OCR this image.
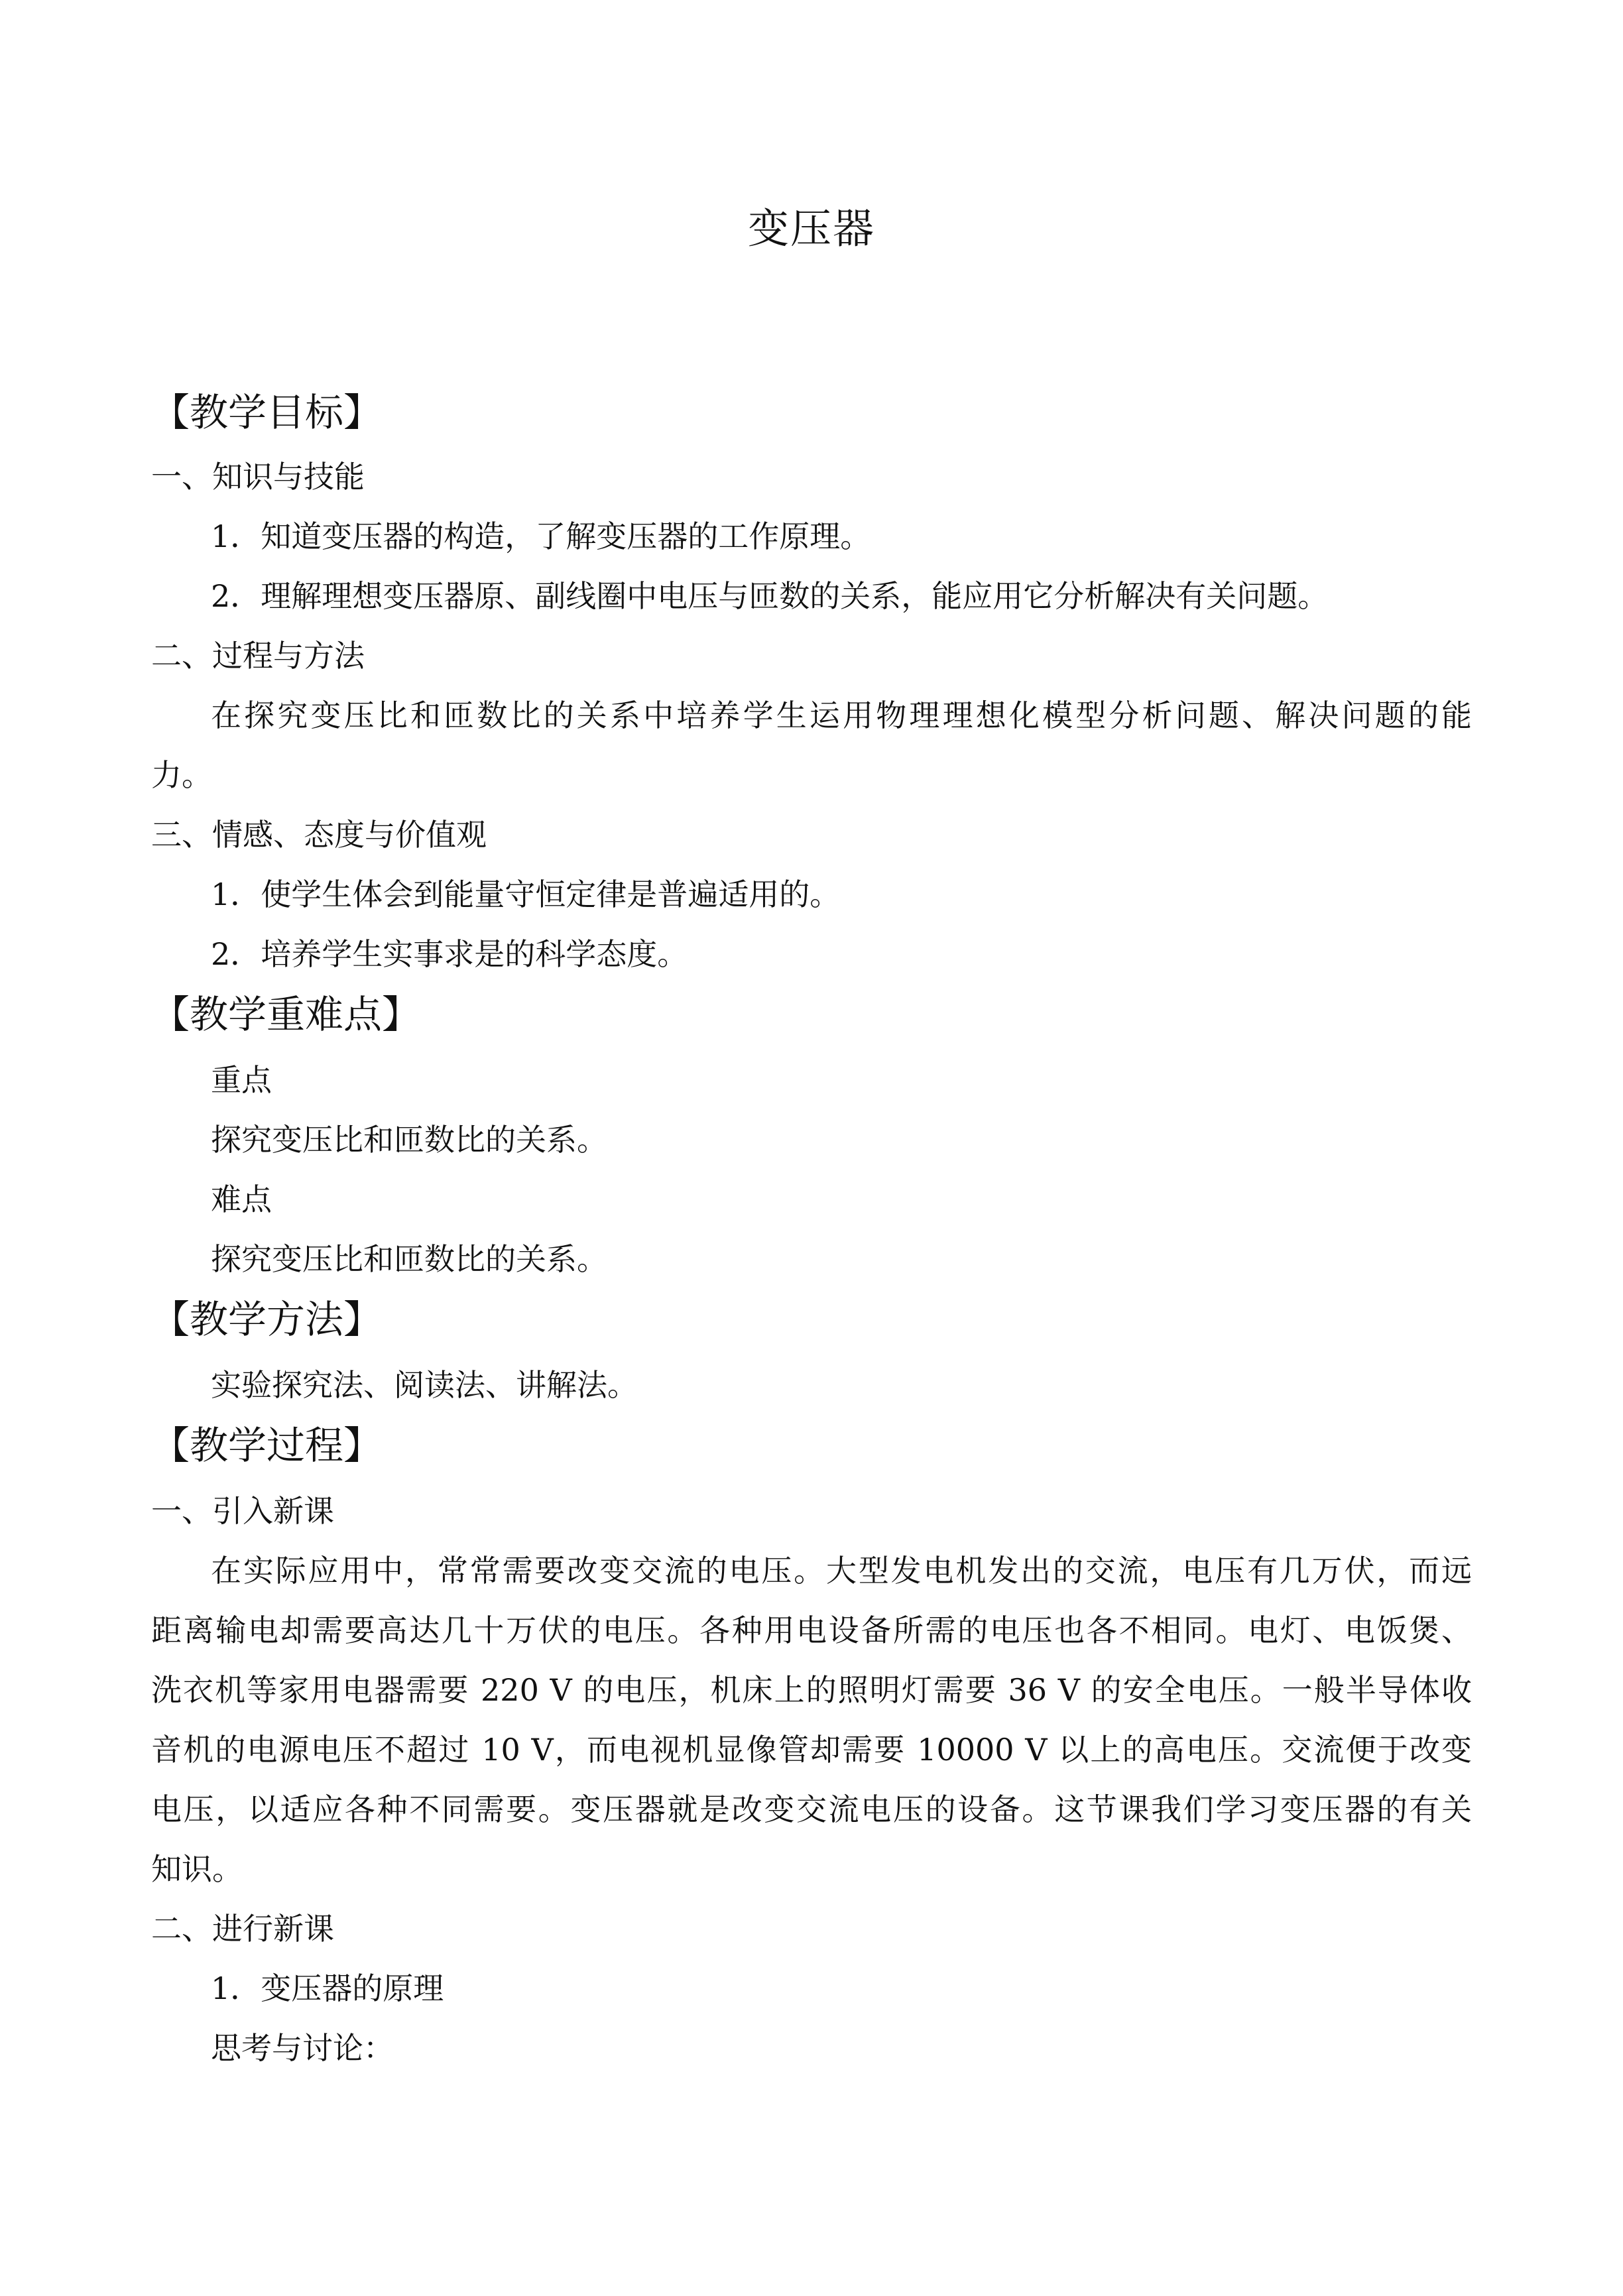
变压器
【教学目标】
一、知识与技能
1．知道变压器的构造，了解变压器的工作原理。
2．理解理想变压器原、副线圈中电压与匝数的关系，能应用它分析解决有关问题。
二、过程与方法
在探究变压比和匝数比的关系中培养学生运用物理理想化模型分析问题、解决问题的能
力。
三、情感、态度与价值观
1．使学生体会到能量守恒定律是普遍适用的。
2．培养学生实事求是的科学态度。
【教学重难点】
重点
探究变压比和匝数比的关系。
难点
探究变压比和匝数比的关系。
【教学方法】
实验探究法、阅读法、讲解法。
【教学过程】
一、引入新课
在实际应用中，常常需要改变交流的电压。大型发电机发出的交流，电压有几万伏，而远
距离输电却需要高达几十万伏的电压。各种用电设备所需的电压也各不相同。电灯、电饭煲、
洗衣机等家用电器需要 220 V 的电压，机床上的照明灯需要 36 V 的安全电压。一般半导体收
音机的电源电压不超过 10 V，而电视机显像管却需要 10000 V 以上的高电压。交流便于改变
电压，以适应各种不同需要。变压器就是改变交流电压的设备。这节课我们学习变压器的有关
知识。
二、进行新课
1．变压器的原理
思考与讨论：
